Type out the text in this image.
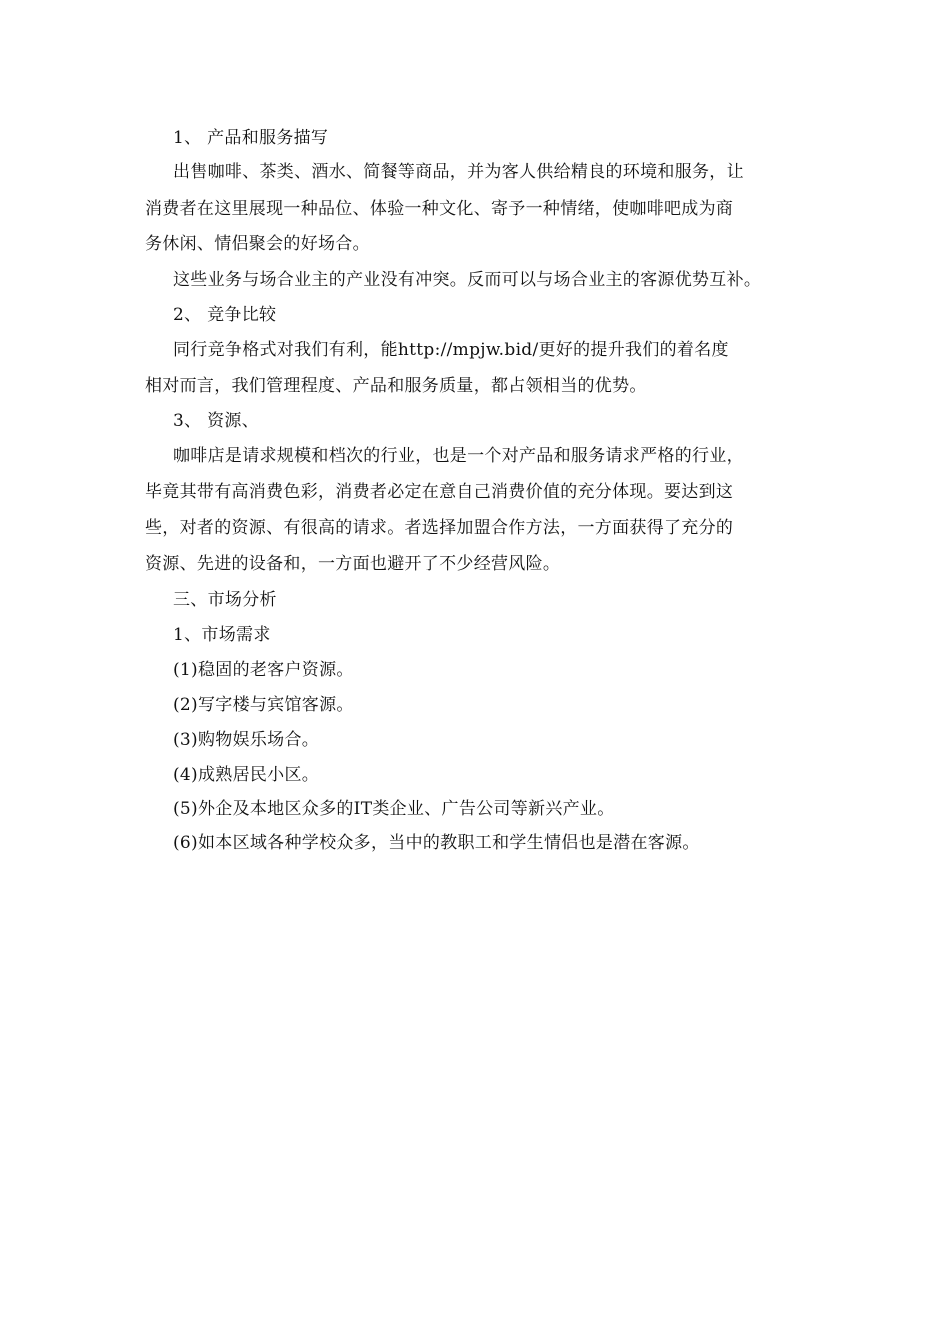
1、 产品和服务描写
出售咖啡、茶类、酒水、简餐等商品，并为客人供给精良的环境和服务，让
消费者在这里展现一种品位、体验一种文化、寄予一种情绪，使咖啡吧成为商
务休闲、情侣聚会的好场合。
这些业务与场合业主的产业没有冲突。反而可以与场合业主的客源优势互补。
2、 竞争比较
同行竞争格式对我们有利，能http://mpjw.bid/更好的提升我们的着名度
相对而言，我们管理程度、产品和服务质量，都占领相当的优势。
3、 资源、
咖啡店是请求规模和档次的行业，也是一个对产品和服务请求严格的行业，
毕竟其带有高消费色彩，消费者必定在意自己消费价值的充分体现。要达到这
些，对者的资源、有很高的请求。者选择加盟合作方法，一方面获得了充分的
资源、先进的设备和，一方面也避开了不少经营风险。
三、市场分析
1、市场需求
(1)稳固的老客户资源。
(2)写字楼与宾馆客源。
(3)购物娱乐场合。
(4)成熟居民小区。
(5)外企及本地区众多的IT类企业、广告公司等新兴产业。
(6)如本区域各种学校众多，当中的教职工和学生情侣也是潜在客源。
